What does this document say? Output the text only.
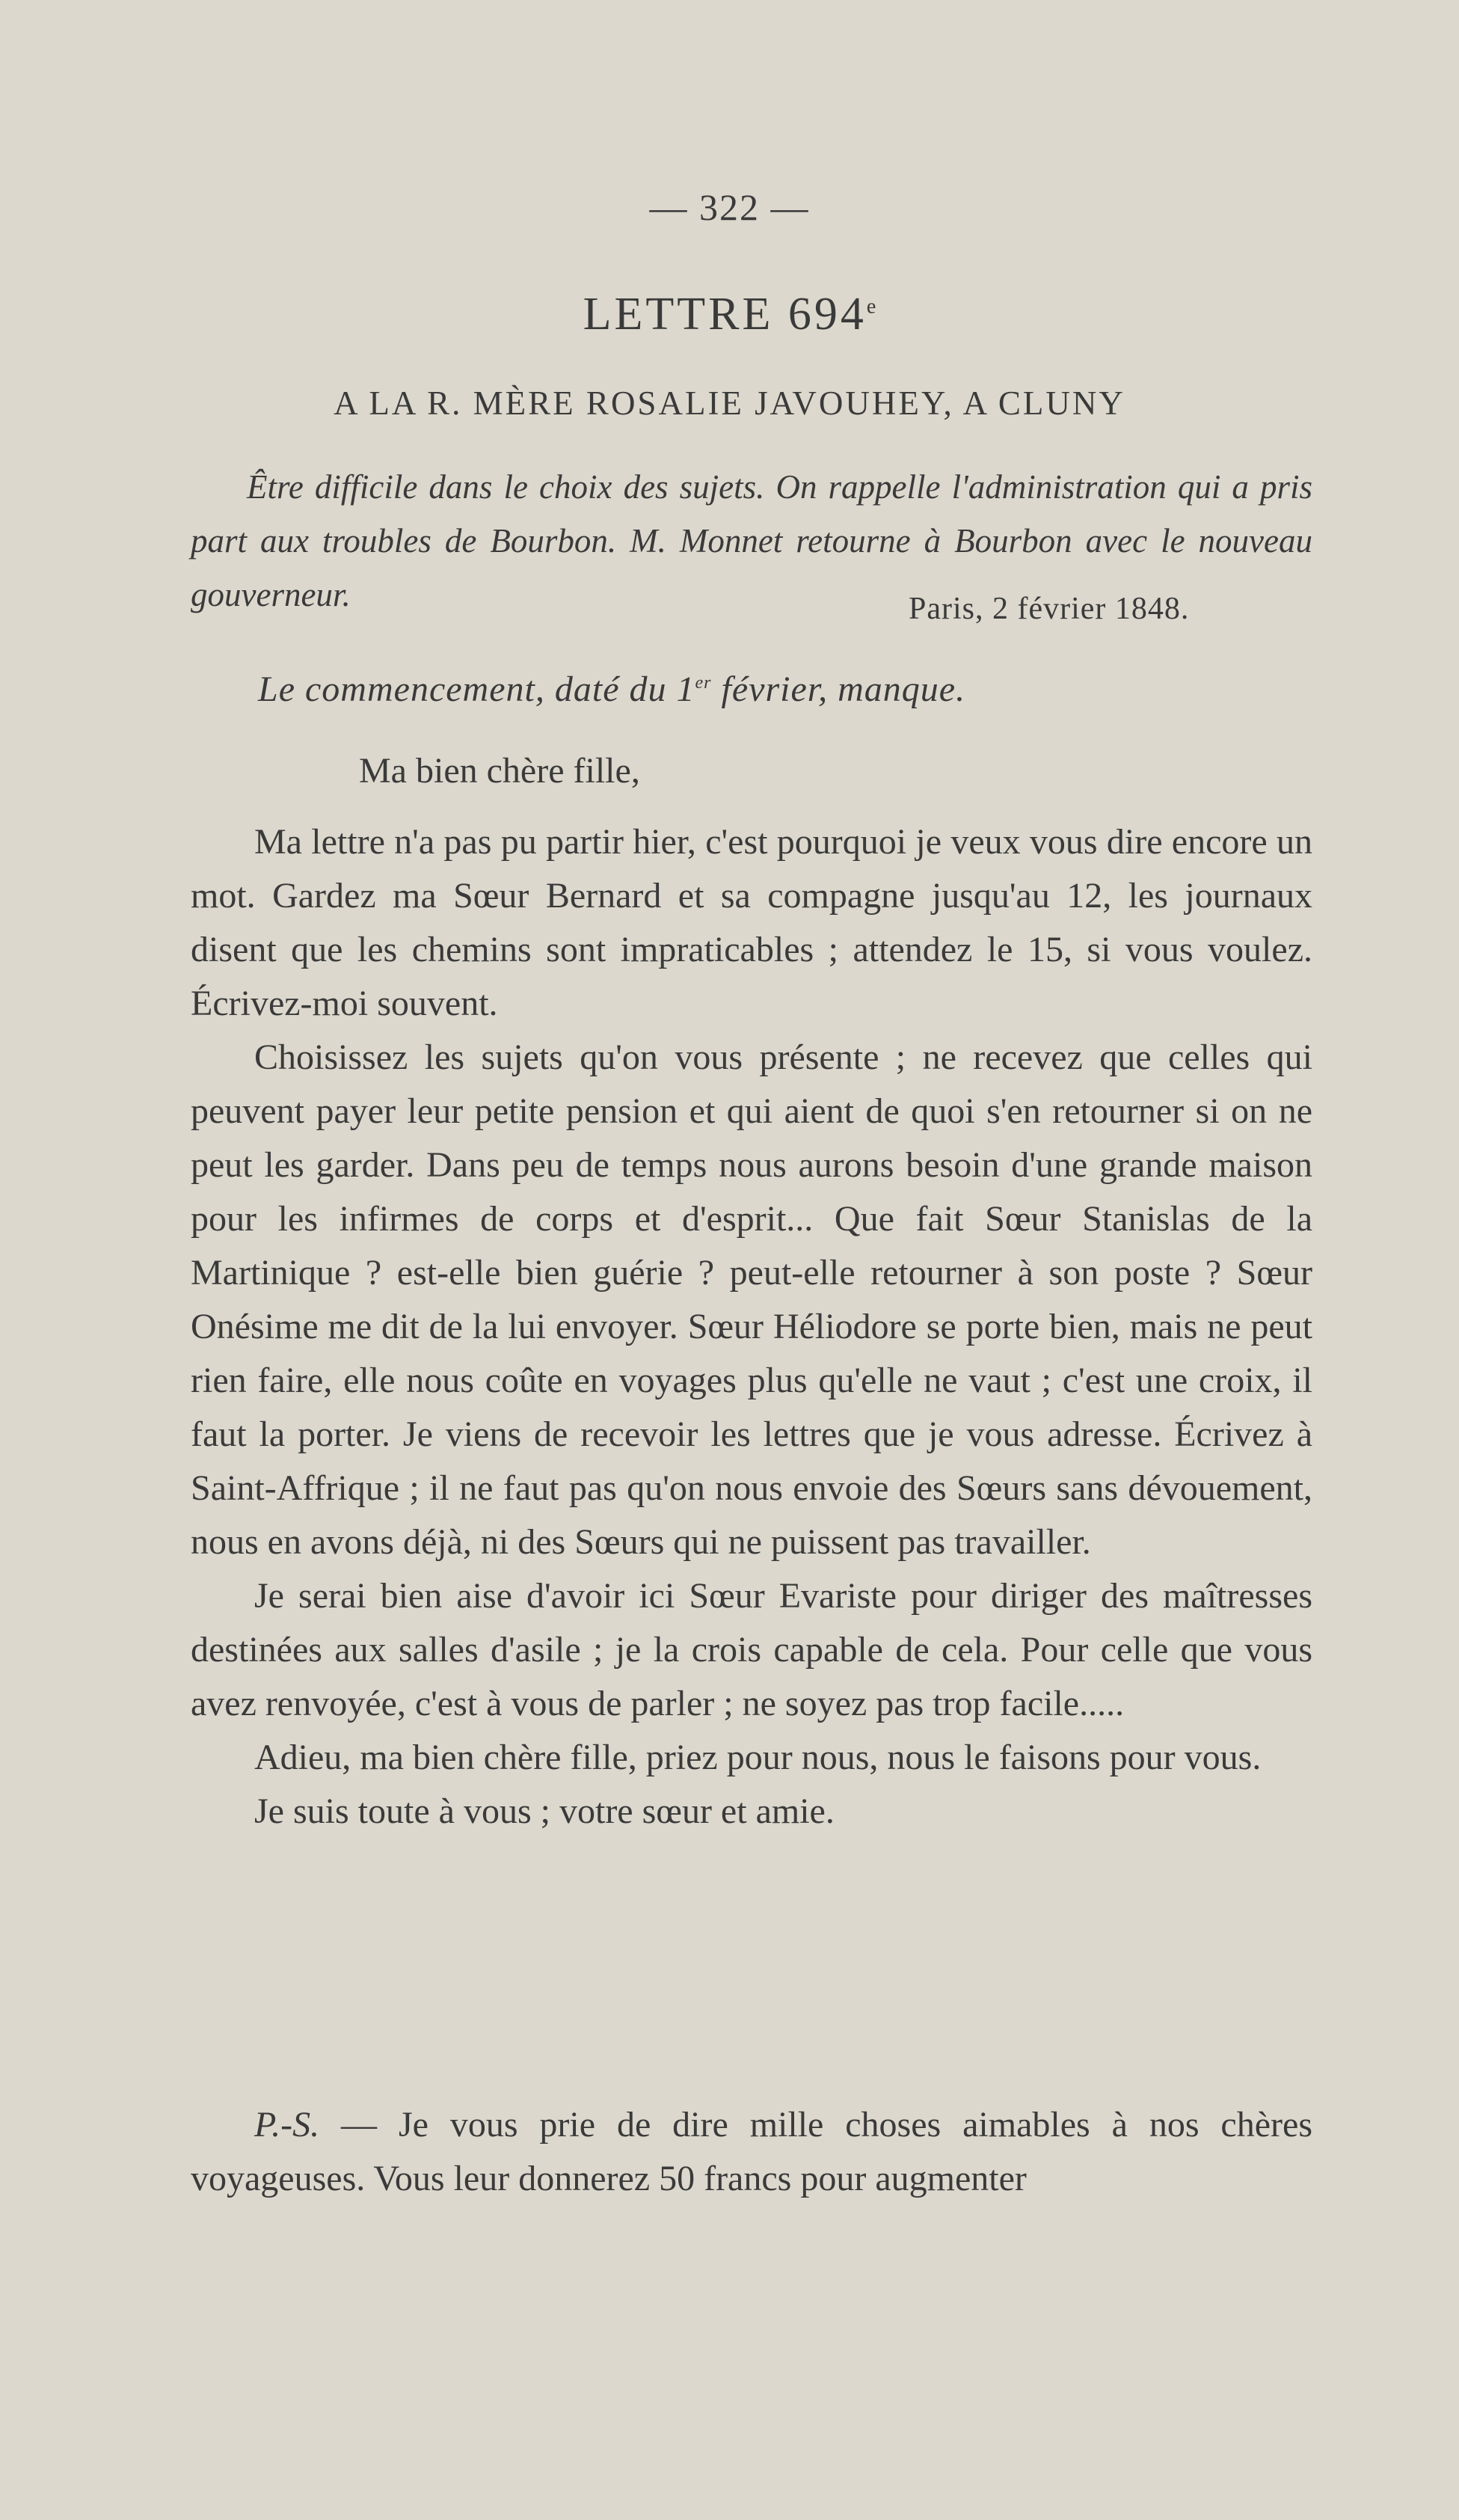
— 322 —
LETTRE 694e
A LA R. MÈRE ROSALIE JAVOUHEY, A CLUNY
Être difficile dans le choix des sujets. On rappelle l'administration qui a pris part aux troubles de Bourbon. M. Monnet retourne à Bourbon avec le nouveau gouverneur.	Paris, 2 février 1848.
Le commencement, daté du 1er février, manque.
Ma bien chère fille,

Ma lettre n'a pas pu partir hier, c'est pourquoi je veux vous dire encore un mot. Gardez ma Sœur Bernard et sa compagne jusqu'au 12, les journaux disent que les chemins sont impraticables ; attendez le 15, si vous voulez. Écrivez-moi souvent.

Choisissez les sujets qu'on vous présente ; ne recevez que celles qui peuvent payer leur petite pension et qui aient de quoi s'en retourner si on ne peut les garder. Dans peu de temps nous aurons besoin d'une grande maison pour les infirmes de corps et d'esprit... Que fait Sœur Stanislas de la Martinique ? est-elle bien guérie ? peut-elle retourner à son poste ? Sœur Onésime me dit de la lui envoyer. Sœur Héliodore se porte bien, mais ne peut rien faire, elle nous coûte en voyages plus qu'elle ne vaut ; c'est une croix, il faut la porter. Je viens de recevoir les lettres que je vous adresse. Écrivez à Saint-Affrique ; il ne faut pas qu'on nous envoie des Sœurs sans dévouement, nous en avons déjà, ni des Sœurs qui ne puissent pas travailler.

Je serai bien aise d'avoir ici Sœur Evariste pour diriger des maîtresses destinées aux salles d'asile ; je la crois capable de cela. Pour celle que vous avez renvoyée, c'est à vous de parler ; ne soyez pas trop facile.....

Adieu, ma bien chère fille, priez pour nous, nous le faisons pour vous.

Je suis toute à vous ; votre sœur et amie.

P.-S. — Je vous prie de dire mille choses aimables à nos chères voyageuses. Vous leur donnerez 50 francs pour augmenter
